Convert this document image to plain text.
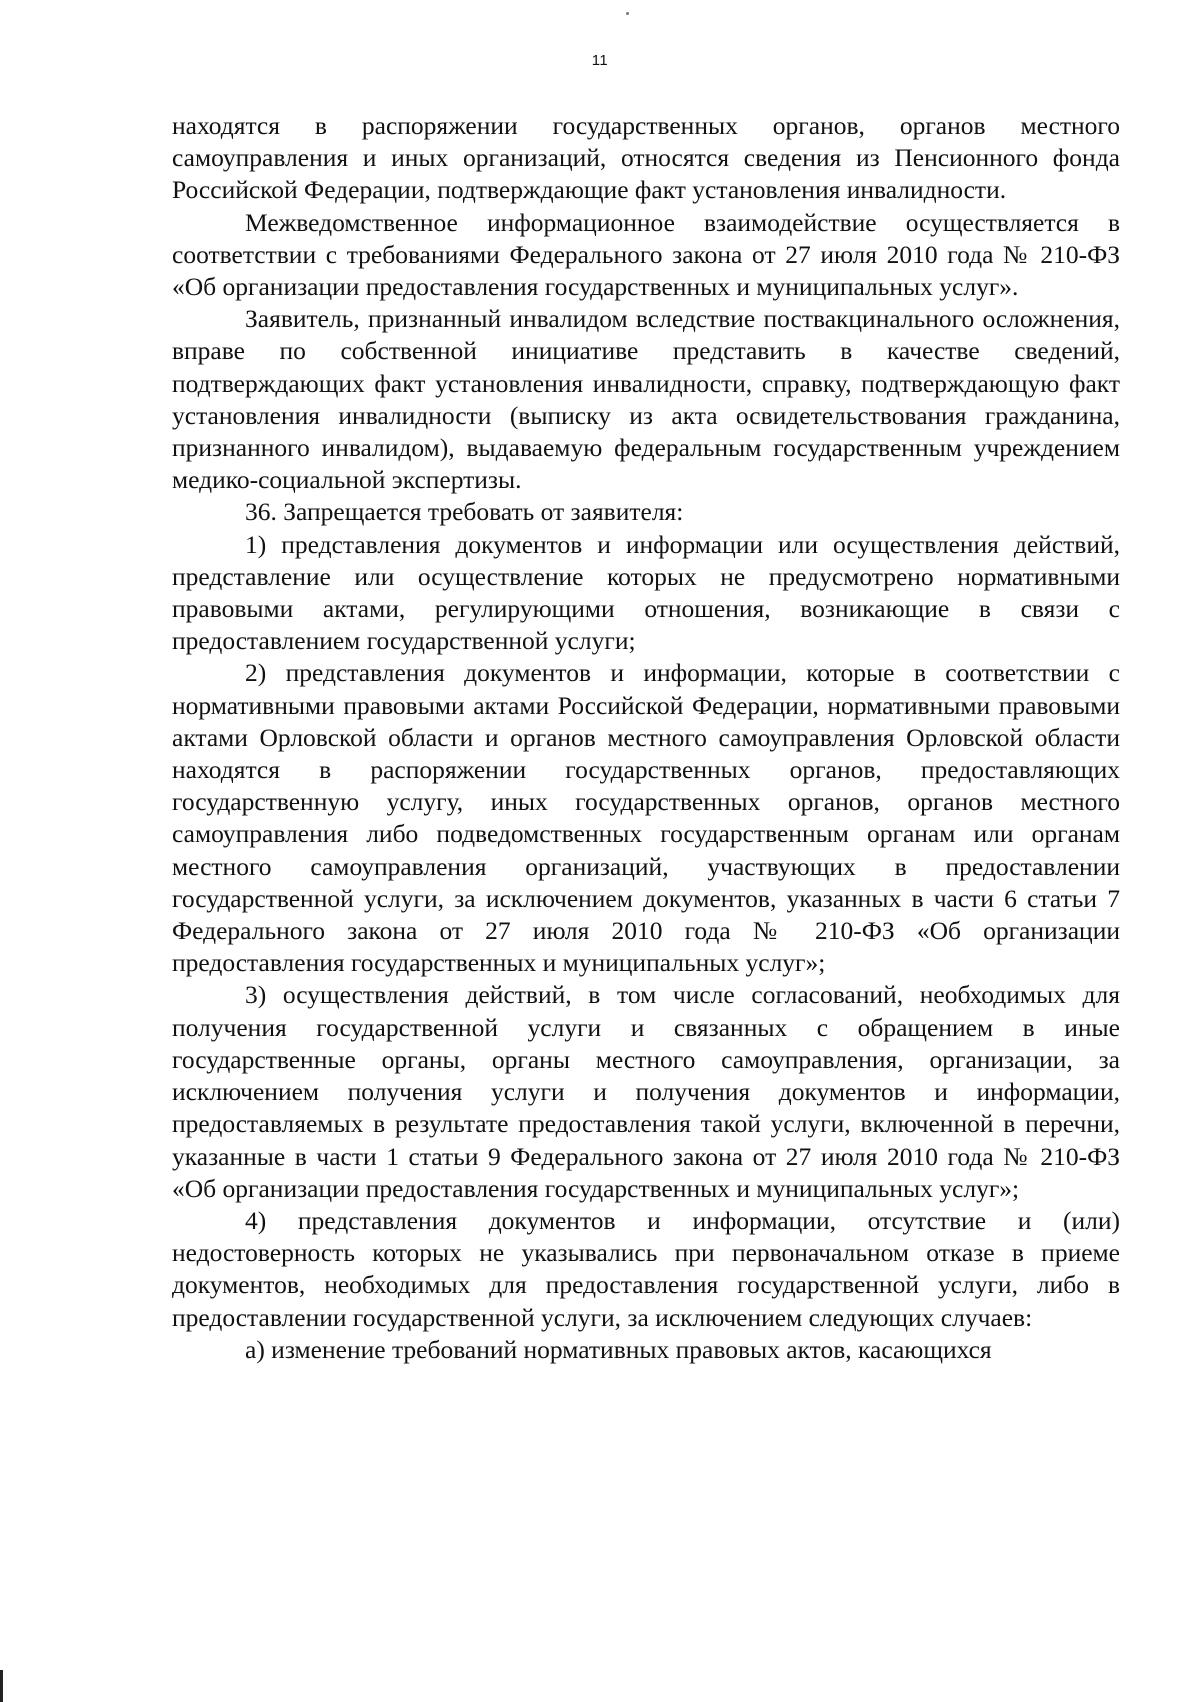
11

находятся в распоряжении государственных органов, органов местного самоуправления и иных организаций, относятся сведения из Пенсионного фонда Российской Федерации, подтверждающие факт установления инвалидности.

Межведомственное информационное взаимодействие осуществляется в соответствии с требованиями Федерального закона от 27 июля 2010 года № 210-ФЗ «Об организации предоставления государственных и муниципальных услуг».

Заявитель, признанный инвалидом вследствие поствакцинального осложнения, вправе по собственной инициативе представить в качестве сведений, подтверждающих факт установления инвалидности, справку, подтверждающую факт установления инвалидности (выписку из акта освидетельствования гражданина, признанного инвалидом), выдаваемую федеральным государственным учреждением медико-социальной экспертизы.

36. Запрещается требовать от заявителя:

1) представления документов и информации или осуществления действий, представление или осуществление которых не предусмотрено нормативными правовыми актами, регулирующими отношения, возникающие в связи с предоставлением государственной услуги;

2) представления документов и информации, которые в соответствии с нормативными правовыми актами Российской Федерации, нормативными правовыми актами Орловской области и органов местного самоуправления Орловской области находятся в распоряжении государственных органов, предоставляющих государственную услугу, иных государственных органов, органов местного самоуправления либо подведомственных государственным органам или органам местного самоуправления организаций, участвующих в предоставлении государственной услуги, за исключением документов, указанных в части 6 статьи 7 Федерального закона от 27 июля 2010 года № 210-ФЗ «Об организации предоставления государственных и муниципальных услуг»;

3) осуществления действий, в том числе согласований, необходимых для получения государственной услуги и связанных с обращением в иные государственные органы, органы местного самоуправления, организации, за исключением получения услуги и получения документов и информации, предоставляемых в результате предоставления такой услуги, включенной в перечни, указанные в части 1 статьи 9 Федерального закона от 27 июля 2010 года № 210-ФЗ «Об организации предоставления государственных и муниципальных услуг»;

4) представления документов и информации, отсутствие и (или) недостоверность которых не указывались при первоначальном отказе в приеме документов, необходимых для предоставления государственной услуги, либо в предоставлении государственной услуги, за исключением следующих случаев:

а) изменение требований нормативных правовых актов, касающихся
